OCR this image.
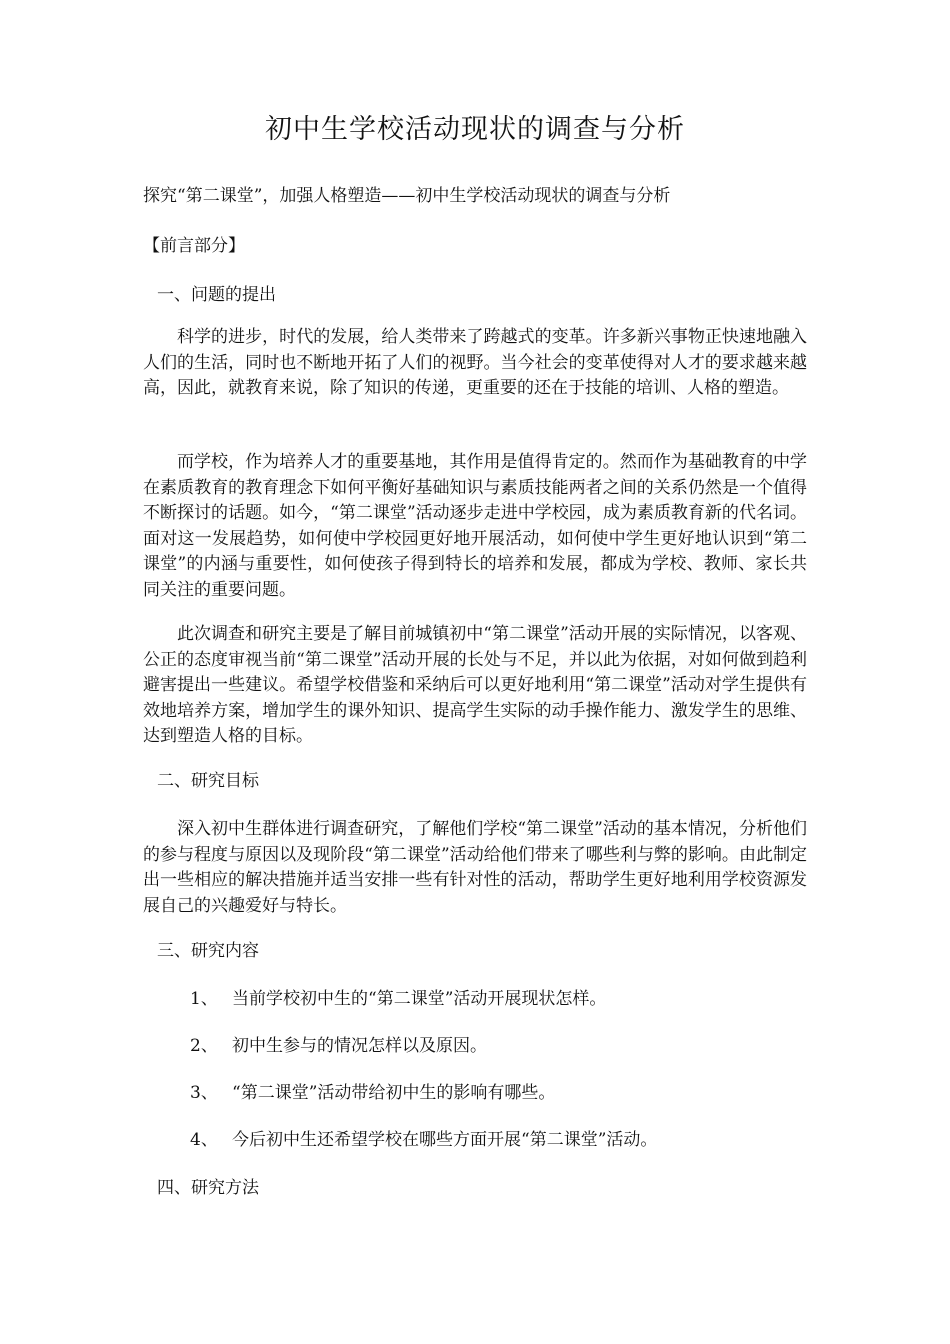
初中生学校活动现状的调查与分析
探究“第二课堂”，加强人格塑造——初中生学校活动现状的调查与分析
【前言部分】
一、问题的提出

科学的进步，时代的发展，给人类带来了跨越式的变革。许多新兴事物正快速地融入人们的生活，同时也不断地开拓了人们的视野。当今社会的变革使得对人才的要求越来越高，因此，就教育来说，除了知识的传递，更重要的还在于技能的培训、人格的塑造。

而学校，作为培养人才的重要基地，其作用是值得肯定的。然而作为基础教育的中学在素质教育的教育理念下如何平衡好基础知识与素质技能两者之间的关系仍然是一个值得不断探讨的话题。如今，“第二课堂”活动逐步走进中学校园，成为素质教育新的代名词。面对这一发展趋势，如何使中学校园更好地开展活动，如何使中学生更好地认识到“第二课堂”的内涵与重要性，如何使孩子得到特长的培养和发展，都成为学校、教师、家长共同关注的重要问题。

此次调查和研究主要是了解目前城镇初中“第二课堂”活动开展的实际情况，以客观、公正的态度审视当前“第二课堂”活动开展的长处与不足，并以此为依据，对如何做到趋利避害提出一些建议。希望学校借鉴和采纳后可以更好地利用“第二课堂”活动对学生提供有效地培养方案，增加学生的课外知识、提高学生实际的动手操作能力、激发学生的思维、达到塑造人格的目标。

二、研究目标

深入初中生群体进行调查研究，了解他们学校“第二课堂”活动的基本情况，分析他们的参与程度与原因以及现阶段“第二课堂”活动给他们带来了哪些利与弊的影响。由此制定出一些相应的解决措施并适当安排一些有针对性的活动，帮助学生更好地利用学校资源发展自己的兴趣爱好与特长。

三、研究内容
1、 当前学校初中生的“第二课堂”活动开展现状怎样。
2、 初中生参与的情况怎样以及原因。
3、 “第二课堂”活动带给初中生的影响有哪些。
4、 今后初中生还希望学校在哪些方面开展“第二课堂”活动。
四、研究方法
